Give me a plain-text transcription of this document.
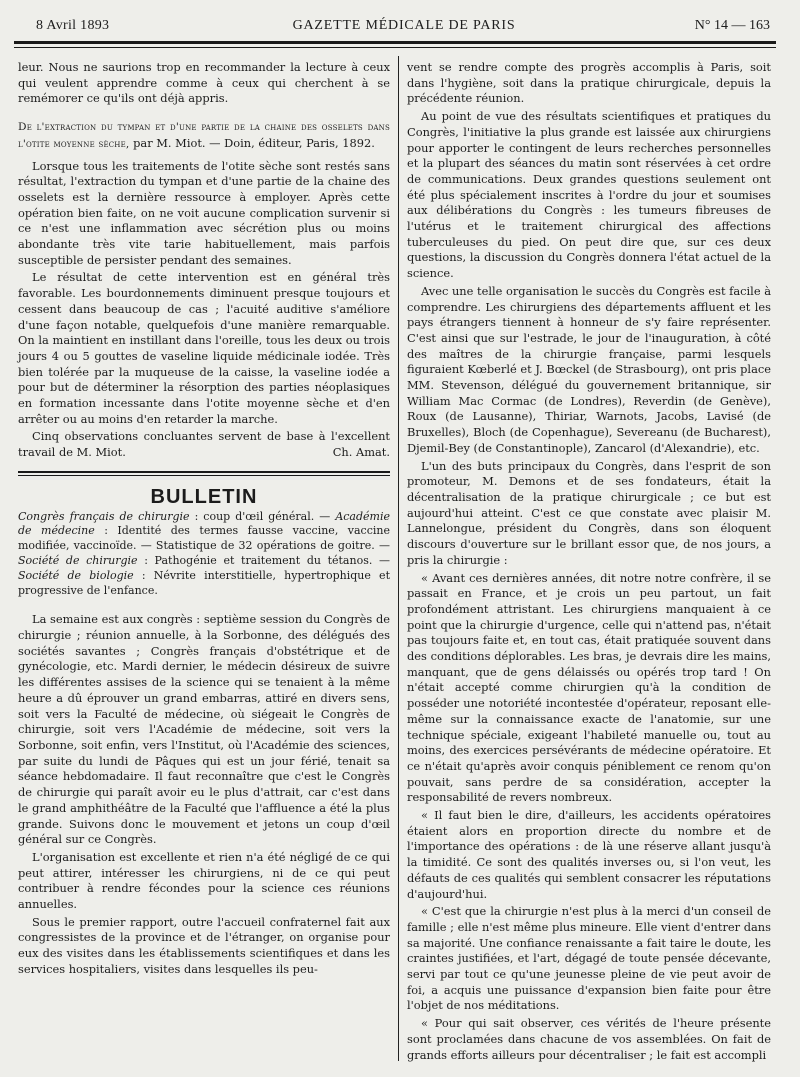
8 Avril 1893	GAZETTE MÉDICALE DE PARIS	N° 14 — 163

leur. Nous ne saurions trop en recommander la lecture à ceux qui veulent apprendre comme à ceux qui cherchent à se remémorer ce qu'ils ont déjà appris.

De l'extraction du tympan et d'une partie de la chaine des osselets dans l'otite moyenne sèche, par M. Miot. — Doin, éditeur, Paris, 1892.

Lorsque tous les traitements de l'otite sèche sont restés sans résultat, l'extraction du tympan et d'une partie de la chaine des osselets est la dernière ressource à employer. Après cette opération bien faite, on ne voit aucune complication survenir si ce n'est une inflammation avec sécrétion plus ou moins abondante très vite tarie habituellement, mais parfois susceptible de persister pendant des semaines.

Le résultat de cette intervention est en général très favorable. Les bourdonnements diminuent presque toujours et cessent dans beaucoup de cas ; l'acuité auditive s'améliore d'une façon notable, quelquefois d'une manière remarquable. On la maintient en instillant dans l'oreille, tous les deux ou trois jours 4 ou 5 gouttes de vaseline liquide médicinale iodée. Très bien tolérée par la muqueuse de la caisse, la vaseline iodée a pour but de déterminer la résorption des parties néoplasiques en formation incessante dans l'otite moyenne sèche et d'en arrêter ou au moins d'en retarder la marche.

Cinq observations concluantes servent de base à l'excellent travail de M. Miot.	Ch. Amat.

BULLETIN

Congrès français de chirurgie : coup d'œil général. — Académie de médecine : Identité des termes fausse vaccine, vaccine modifiée, vaccinoïde. — Statistique de 32 opérations de goitre. — Société de chirurgie : Pathogénie et traitement du tétanos. — Société de biologie : Névrite interstitielle, hypertrophique et progressive de l'enfance.

La semaine est aux congrès : septième session du Congrès de chirurgie ; réunion annuelle, à la Sorbonne, des délégués des sociétés savantes ; Congrès français d'obstétrique et de gynécologie, etc. Mardi dernier, le médecin désireux de suivre les différentes assises de la science qui se tenaient à la même heure a dû éprouver un grand embarras, attiré en divers sens, soit vers la Faculté de médecine, où siégeait le Congrès de chirurgie, soit vers l'Académie de médecine, soit vers la Sorbonne, soit enfin, vers l'Institut, où l'Académie des sciences, par suite du lundi de Pâques qui est un jour férié, tenait sa séance hebdomadaire. Il faut reconnaître que c'est le Congrès de chirurgie qui paraît avoir eu le plus d'attrait, car c'est dans le grand amphithéâtre de la Faculté que l'affluence a été la plus grande. Suivons donc le mouvement et jetons un coup d'œil général sur ce Congrès.

L'organisation est excellente et rien n'a été négligé de ce qui peut attirer, intéresser les chirurgiens, ni de ce qui peut contribuer à rendre fécondes pour la science ces réunions annuelles.

Sous le premier rapport, outre l'accueil confraternel fait aux congressistes de la province et de l'étranger, on organise pour eux des visites dans les établissements scientifiques et dans les services hospitaliers, visites dans lesquelles ils peu-

vent se rendre compte des progrès accomplis à Paris, soit dans l'hygiène, soit dans la pratique chirurgicale, depuis la précédente réunion.

Au point de vue des résultats scientifiques et pratiques du Congrès, l'initiative la plus grande est laissée aux chirurgiens pour apporter le contingent de leurs recherches personnelles et la plupart des séances du matin sont réservées à cet ordre de communications. Deux grandes questions seulement ont été plus spécialement inscrites à l'ordre du jour et soumises aux délibérations du Congrès : les tumeurs fibreuses de l'utérus et le traitement chirurgical des affections tuberculeuses du pied. On peut dire que, sur ces deux questions, la discussion du Congrès donnera l'état actuel de la science.

Avec une telle organisation le succès du Congrès est facile à comprendre. Les chirurgiens des départements affluent et les pays étrangers tiennent à honneur de s'y faire représenter. C'est ainsi que sur l'estrade, le jour de l'inauguration, à côté des maîtres de la chirurgie française, parmi lesquels figuraient Kœberlé et J. Bœckel (de Strasbourg), ont pris place MM. Stevenson, délégué du gouvernement britannique, sir William Mac Cormac (de Londres), Reverdin (de Genève), Roux (de Lausanne), Thiriar, Warnots, Jacobs, Lavisé (de Bruxelles), Bloch (de Copenhague), Severeanu (de Bucharest), Djemil-Bey (de Constantinople), Zancarol (d'Alexandrie), etc.

L'un des buts principaux du Congrès, dans l'esprit de son promoteur, M. Demons et de ses fondateurs, était la décentralisation de la pratique chirurgicale ; ce but est aujourd'hui atteint. C'est ce que constate avec plaisir M. Lannelongue, président du Congrès, dans son éloquent discours d'ouverture sur le brillant essor que, de nos jours, a pris la chirurgie :

« Avant ces dernières années, dit notre notre confrère, il se passait en France, et je crois un peu partout, un fait profondément attristant. Les chirurgiens manquaient à ce point que la chirurgie d'urgence, celle qui n'attend pas, n'était pas toujours faite et, en tout cas, était pratiquée souvent dans des conditions déplorables. Les bras, je devrais dire les mains, manquant, que de gens délaissés ou opérés trop tard ! On n'était accepté comme chirurgien qu'à la condition de posséder une notoriété incontestée d'opérateur, reposant elle-même sur la connaissance exacte de l'anatomie, sur une technique spéciale, exigeant l'habileté manuelle ou, tout au moins, des exercices persévérants de médecine opératoire. Et ce n'était qu'après avoir conquis péniblement ce renom qu'on pouvait, sans perdre de sa considération, accepter la responsabilité de revers nombreux.

« Il faut bien le dire, d'ailleurs, les accidents opératoires étaient alors en proportion directe du nombre et de l'importance des opérations : de là une réserve allant jusqu'à la timidité. Ce sont des qualités inverses ou, si l'on veut, les défauts de ces qualités qui semblent consacrer les réputations d'aujourd'hui.

« C'est que la chirurgie n'est plus à la merci d'un conseil de famille ; elle n'est même plus mineure. Elle vient d'entrer dans sa majorité. Une confiance renaissante a fait taire le doute, les craintes justifiées, et l'art, dégagé de toute pensée décevante, servi par tout ce qu'une jeunesse pleine de vie peut avoir de foi, a acquis une puissance d'expansion bien faite pour être l'objet de nos méditations.

« Pour qui sait observer, ces vérités de l'heure présente sont proclamées dans chacune de vos assemblées. On fait de grands efforts ailleurs pour décentraliser ; le fait est accompli
